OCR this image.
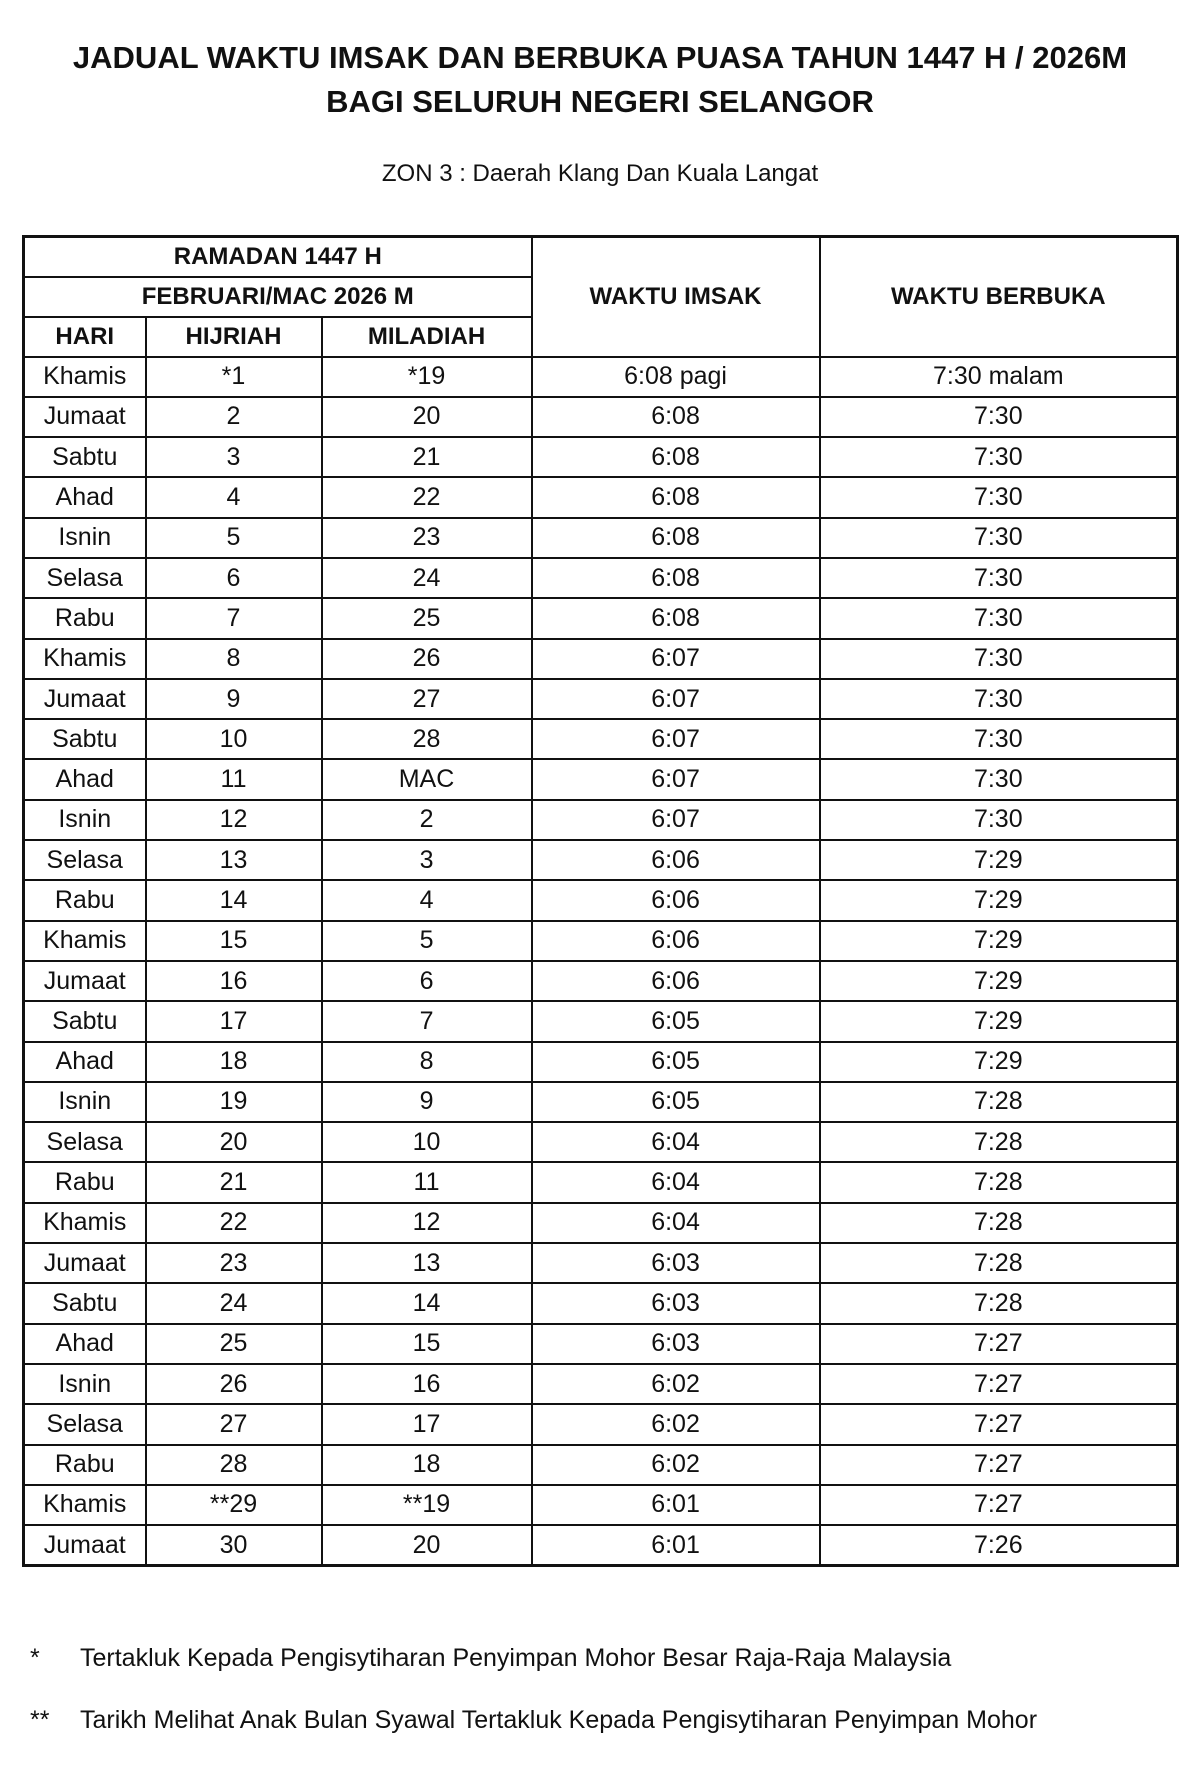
JADUAL WAKTU IMSAK DAN BERBUKA PUASA TAHUN 1447 H / 2026M
BAGI SELURUH NEGERI SELANGOR
ZON 3 : Daerah Klang Dan Kuala Langat
RAMADAN 1447 H			WAKTU IMSAK	WAKTU BERBUKA
FEBRUARI/MAC 2026 M				
HARI	HIJRIAH	MILADIAH		
Khamis	*1	*19	6:08 pagi	7:30 malam
Jumaat	2	20	6:08	7:30
Sabtu	3	21	6:08	7:30
Ahad	4	22	6:08	7:30
Isnin	5	23	6:08	7:30
Selasa	6	24	6:08	7:30
Rabu	7	25	6:08	7:30
Khamis	8	26	6:07	7:30
Jumaat	9	27	6:07	7:30
Sabtu	10	28	6:07	7:30
Ahad	11	MAC	6:07	7:30
Isnin	12	2	6:07	7:30
Selasa	13	3	6:06	7:29
Rabu	14	4	6:06	7:29
Khamis	15	5	6:06	7:29
Jumaat	16	6	6:06	7:29
Sabtu	17	7	6:05	7:29
Ahad	18	8	6:05	7:29
Isnin	19	9	6:05	7:28
Selasa	20	10	6:04	7:28
Rabu	21	11	6:04	7:28
Khamis	22	12	6:04	7:28
Jumaat	23	13	6:03	7:28
Sabtu	24	14	6:03	7:28
Ahad	25	15	6:03	7:27
Isnin	26	16	6:02	7:27
Selasa	27	17	6:02	7:27
Rabu	28	18	6:02	7:27
Khamis	**29	**19	6:01	7:27
Jumaat	30	20	6:01	7:26
*	Tertakluk Kepada Pengisytiharan Penyimpan Mohor Besar Raja-Raja Malaysia
**	Tarikh Melihat Anak Bulan Syawal Tertakluk Kepada Pengisytiharan Penyimpan Mohor
